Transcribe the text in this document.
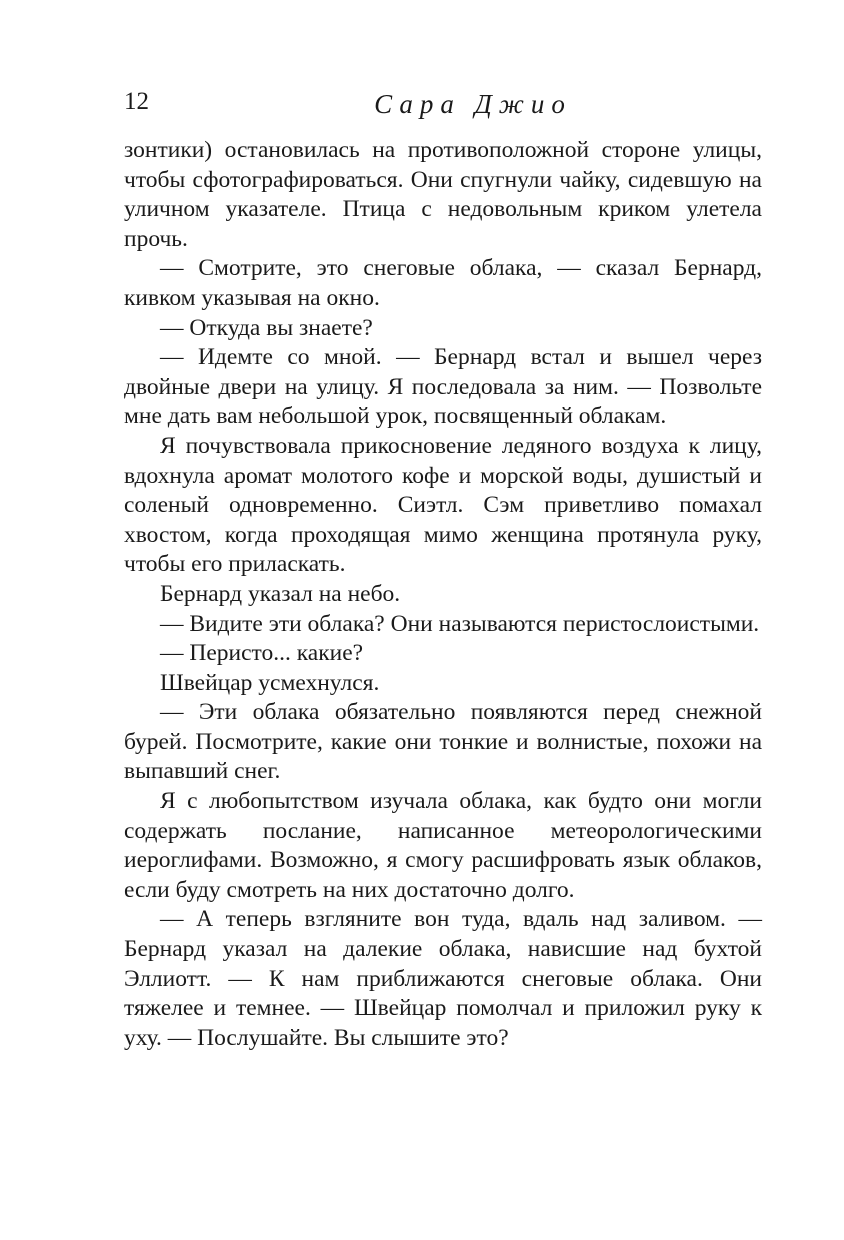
12	Сара Джио

зонтики) остановилась на противоположной стороне улицы, чтобы сфотографироваться. Они спугнули чайку, сидевшую на уличном указателе. Птица с недовольным криком улетела прочь.

— Смотрите, это снеговые облака, — сказал Бернард, кивком указывая на окно.

— Откуда вы знаете?

— Идемте со мной. — Бернард встал и вышел через двойные двери на улицу. Я последовала за ним. — Позвольте мне дать вам небольшой урок, посвященный облакам.

Я почувствовала прикосновение ледяного воздуха к лицу, вдохнула аромат молотого кофе и морской воды, душистый и соленый одновременно. Сиэтл. Сэм приветливо помахал хвостом, когда проходящая мимо женщина протянула руку, чтобы его приласкать.

Бернард указал на небо.

— Видите эти облака? Они называются перистослоистыми.

— Перисто... какие?

Швейцар усмехнулся.

— Эти облака обязательно появляются перед снежной бурей. Посмотрите, какие они тонкие и волнистые, похожи на выпавший снег.

Я с любопытством изучала облака, как будто они могли содержать послание, написанное метеорологическими иероглифами. Возможно, я смогу расшифровать язык облаков, если буду смотреть на них достаточно долго.

— А теперь взгляните вон туда, вдаль над заливом. — Бернард указал на далекие облака, нависшие над бухтой Эллиотт. — К нам приближаются снеговые облака. Они тяжелее и темнее. — Швейцар помолчал и приложил руку к уху. — Послушайте. Вы слышите это?
